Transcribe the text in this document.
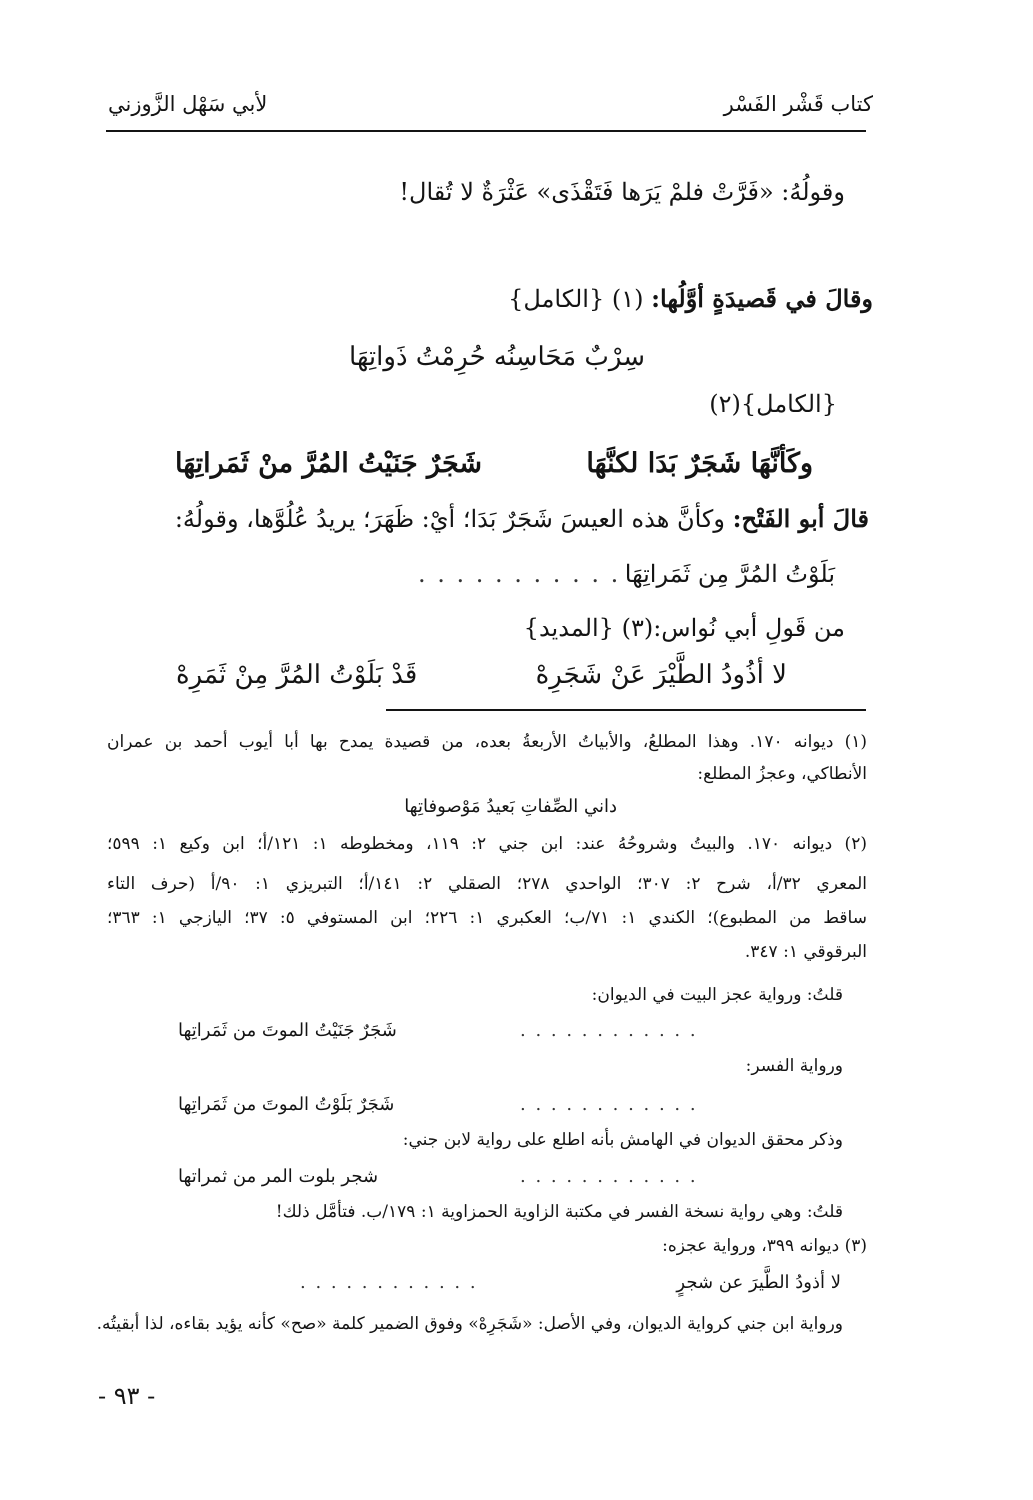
كتاب قَشْر الفَسْر
لأبي سَهْل الزَّوزني
وقولُهُ: «فَرَّتْ فلمْ يَرَها فَتَقْذَى» عَثْرَةٌ لا تُقال!
وقالَ في قَصيدَةٍ أوَّلُها: (١) {الكامل}
سِرْبٌ مَحَاسِنُه حُرِمْتُ ذَواتِهَا
{الكامل}(٢)
وكَأنَّهَا شَجَرٌ بَدَا لكنَّهَا
شَجَرٌ جَنَيْتُ المُرَّ منْ ثَمَراتِهَا
قالَ أبو الفَتْح: وكأنَّ هذه العيسَ شَجَرٌ بَدَا؛ أيْ: ظَهَرَ؛ يريدُ عُلُوَّها، وقولُهُ:
بَلَوْتُ المُرَّ مِن ثَمَراتِهَا
. . . . . . . . . . .
من قَولِ أبي نُواس:(٣) {المديد}
لا أذُودُ الطَّيْرَ عَنْ شَجَرِهْ
قَدْ بَلَوْتُ المُرَّ مِنْ ثَمَرِهْ
(١) ديوانه ١٧٠. وهذا المطلعُ، والأبياتُ الأربعةُ بعده، من قصيدة يمدح بها أبا أيوب أحمد بن عمران
الأنطاكي، وعجزُ المطلع:
داني الصِّفاتِ بَعيدُ مَوْصوفاتِها
(٢) ديوانه ١٧٠. والبيتُ وشروحُهُ عند: ابن جني ٢: ١١٩، ومخطوطه ١: ١٢١/أ؛ ابن وكيع ١: ٥٩٩؛
المعري ٣٢/أ، شرح ٢: ٣٠٧؛ الواحدي ٢٧٨؛ الصقلي ٢: ١٤١/أ؛ التبريزي ١: ٩٠/أ (حرف التاء
ساقط من المطبوع)؛ الكندي ١: ٧١/ب؛ العكبري ١: ٢٢٦؛ ابن المستوفي ٥: ٣٧؛ اليازجي ١: ٣٦٣؛
البرقوقي ١: ٣٤٧.
قلتُ: ورواية عجز البيت في الديوان:
شَجَرٌ جَنَيْتُ الموتَ من ثَمَراتِها	. . . . . . . . . . . .
ورواية الفسر:
شَجَرٌ بَلَوْتُ الموتَ من ثَمَراتِها	. . . . . . . . . . . .
وذكر محقق الديوان في الهامش بأنه اطلع على رواية لابن جني:
شجر بلوت المر من ثمراتها	. . . . . . . . . . . .
قلتُ: وهي رواية نسخة الفسر في مكتبة الزاوية الحمزاوية ١: ١٧٩/ب. فتأمَّل ذلك!
(٣) ديوانه ٣٩٩، ورواية عجزه:
لا أذودُ الطَّيرَ عن شجرٍ
. . . . . . . . . . . .
ورواية ابن جني كرواية الديوان، وفي الأصل: «شَجَرِهْ» وفوق الضمير كلمة «صح» كأنه يؤيد بقاءه، لذا أبقيتُه.
- ٩٣ -
